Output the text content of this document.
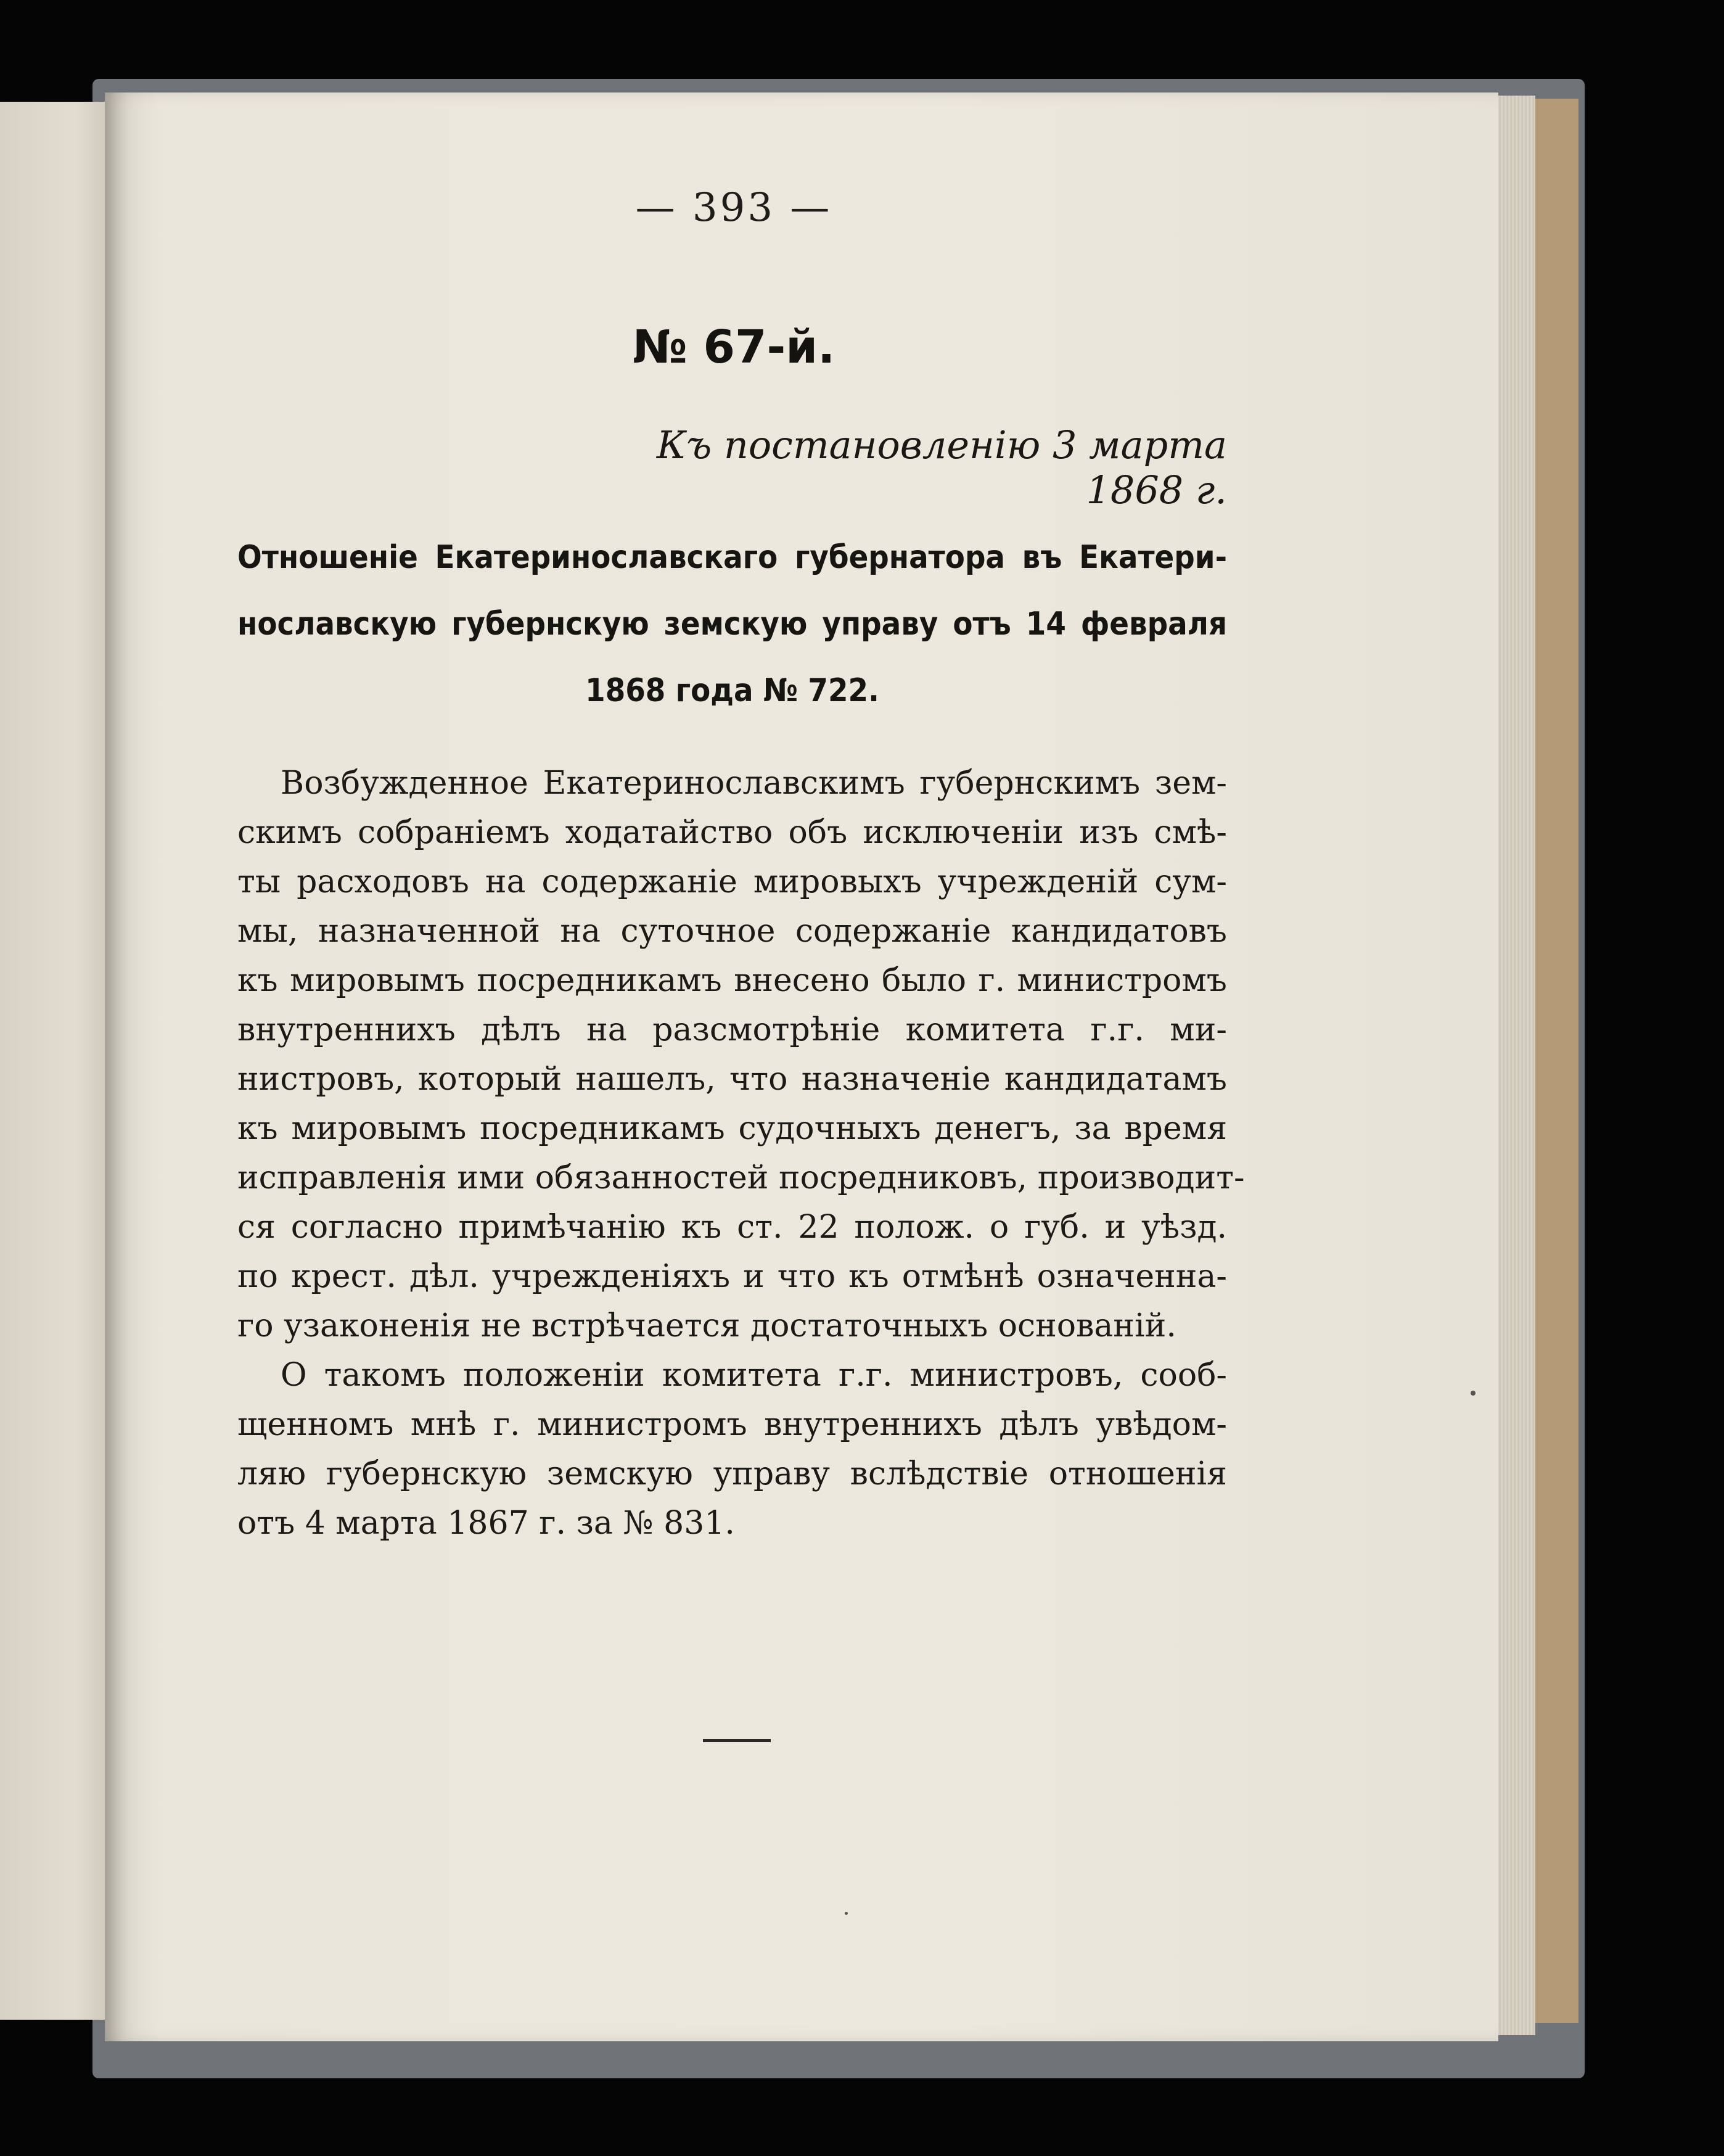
— 393 —
№ 67-й.
Къ постановленію 3 марта 1868 г.
Отношеніе Екатеринославскаго губернатора въ Екатери-
нославскую губернскую земскую управу отъ 14 февраля
1868 года № 722.
Возбужденное Екатеринославскимъ губернскимъ зем-
скимъ собраніемъ ходатайство объ исключеніи изъ смѣ-
ты расходовъ на содержаніе мировыхъ учрежденій сум-
мы, назначенной на суточное содержаніе кандидатовъ
къ мировымъ посредникамъ внесено было г. министромъ
внутреннихъ дѣлъ на разсмотрѣніе комитета г.г. ми-
нистровъ, который нашелъ, что назначеніе кандидатамъ
къ мировымъ посредникамъ судочныхъ денегъ, за время
исправленія ими обязанностей посредниковъ, производит-
ся согласно примѣчанію къ ст. 22 полож. о губ. и уѣзд.
по крест. дѣл. учрежденіяхъ и что къ отмѣнѣ означенна-
го узаконенія не встрѣчается достаточныхъ основаній.
О такомъ положеніи комитета г.г. министровъ, сооб-
щенномъ мнѣ г. министромъ внутреннихъ дѣлъ увѣдом-
ляю губернскую земскую управу вслѣдствіе отношенія
отъ 4 марта 1867 г. за № 831.
